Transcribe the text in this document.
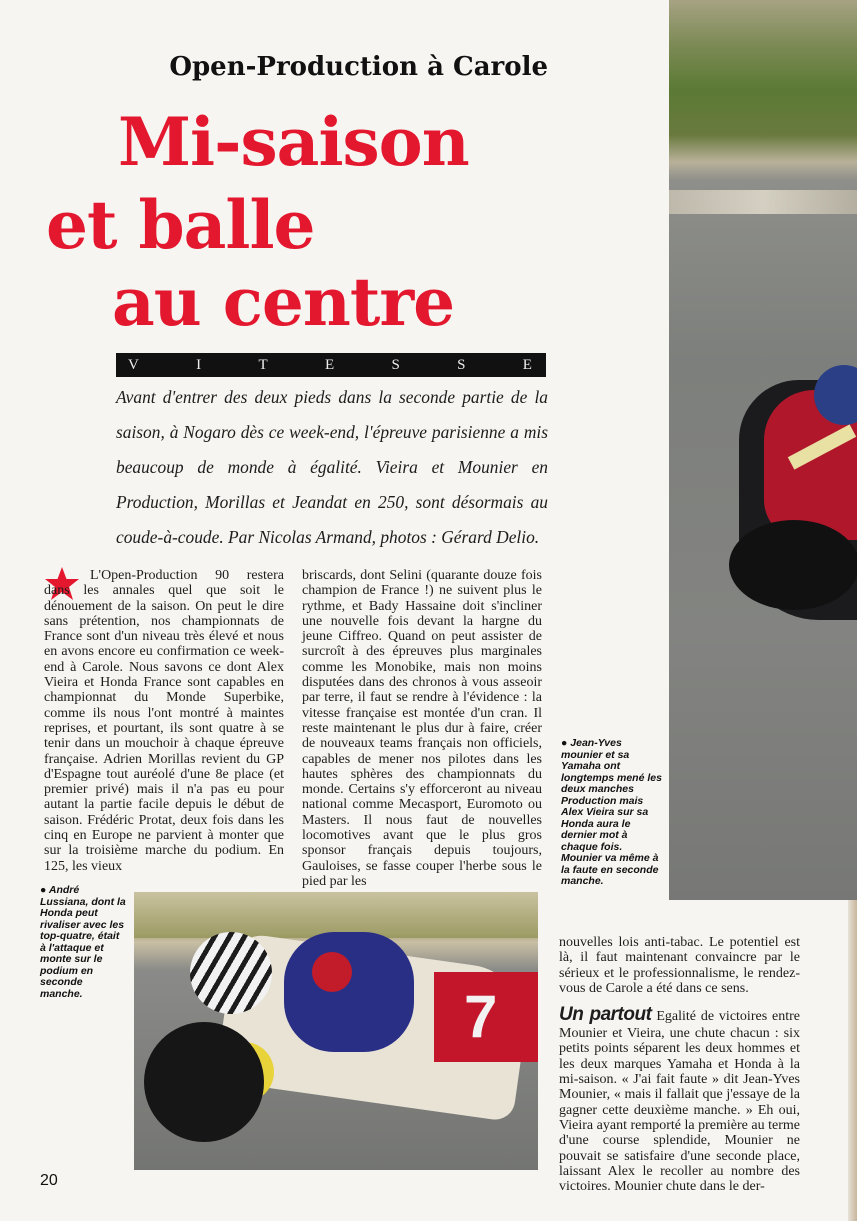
Open-Production à Carole
Mi-saison
et balle
au centre
V	I	T	E	S	S	E
Avant d'entrer des deux pieds dans la seconde partie de la saison, à Nogaro dès ce week-end, l'épreuve parisienne a mis beaucoup de monde à égalité. Vieira et Mounier en Production, Morillas et Jeandat en 250, sont désormais au coude-à-coude. Par Nicolas Armand, photos : Gérard Delio.

L'Open-Production 90 restera dans les annales quel que soit le dénouement de la saison. On peut le dire sans prétention, nos championnats de France sont d'un niveau très élevé et nous en avons encore eu confirmation ce week-end à Carole. Nous savons ce dont Alex Vieira et Honda France sont capables en championnat du Monde Superbike, comme ils nous l'ont montré à maintes reprises, et pourtant, ils sont quatre à se tenir dans un mouchoir à chaque épreuve française. Adrien Morillas revient du GP d'Espagne tout auréolé d'une 8e place (et premier privé) mais il n'a pas eu pour autant la partie facile depuis le début de saison. Frédéric Protat, deux fois dans les cinq en Europe ne parvient à monter que sur la troisième marche du podium. En 125, les vieux

briscards, dont Selini (quarante douze fois champion de France !) ne suivent plus le rythme, et Bady Hassaine doit s'incliner une nouvelle fois devant la hargne du jeune Ciffreo. Quand on peut assister de surcroît à des épreuves plus marginales comme les Monobike, mais non moins disputées dans des chronos à vous asseoir par terre, il faut se rendre à l'évidence : la vitesse française est montée d'un cran. Il reste maintenant le plus dur à faire, créer de nouveaux teams français non officiels, capables de mener nos pilotes dans les hautes sphères des championnats du monde. Certains s'y efforceront au niveau national comme Mecasport, Euromoto ou Masters. Il nous faut de nouvelles locomotives avant que le plus gros sponsor français depuis toujours, Gauloises, se fasse couper l'herbe sous le pied par les

nouvelles lois anti-tabac. Le potentiel est là, il faut maintenant convaincre par le sérieux et le professionnalisme, le rendez-vous de Carole a été dans ce sens.

Un partout Egalité de victoires entre Mounier et Vieira, une chute chacun : six petits points séparent les deux hommes et les deux marques Yamaha et Honda à la mi-saison. « J'ai fait faute » dit Jean-Yves Mounier, « mais il fallait que j'essaye de la gagner cette deuxième manche. » Eh oui, Vieira ayant remporté la première au terme d'une course splendide, Mounier ne pouvait se satisfaire d'une seconde place, laissant Alex le recoller au nombre des victoires. Mounier chute dans le der-

● Jean-Yves mounier et sa Yamaha ont longtemps mené les deux manches Production mais Alex Vieira sur sa Honda aura le dernier mot à chaque fois. Mounier va même à la faute en seconde manche.
● André Lussiana, dont la Honda peut rivaliser avec les top-quatre, était à l'attaque et monte sur le podium en seconde manche.	7
20
